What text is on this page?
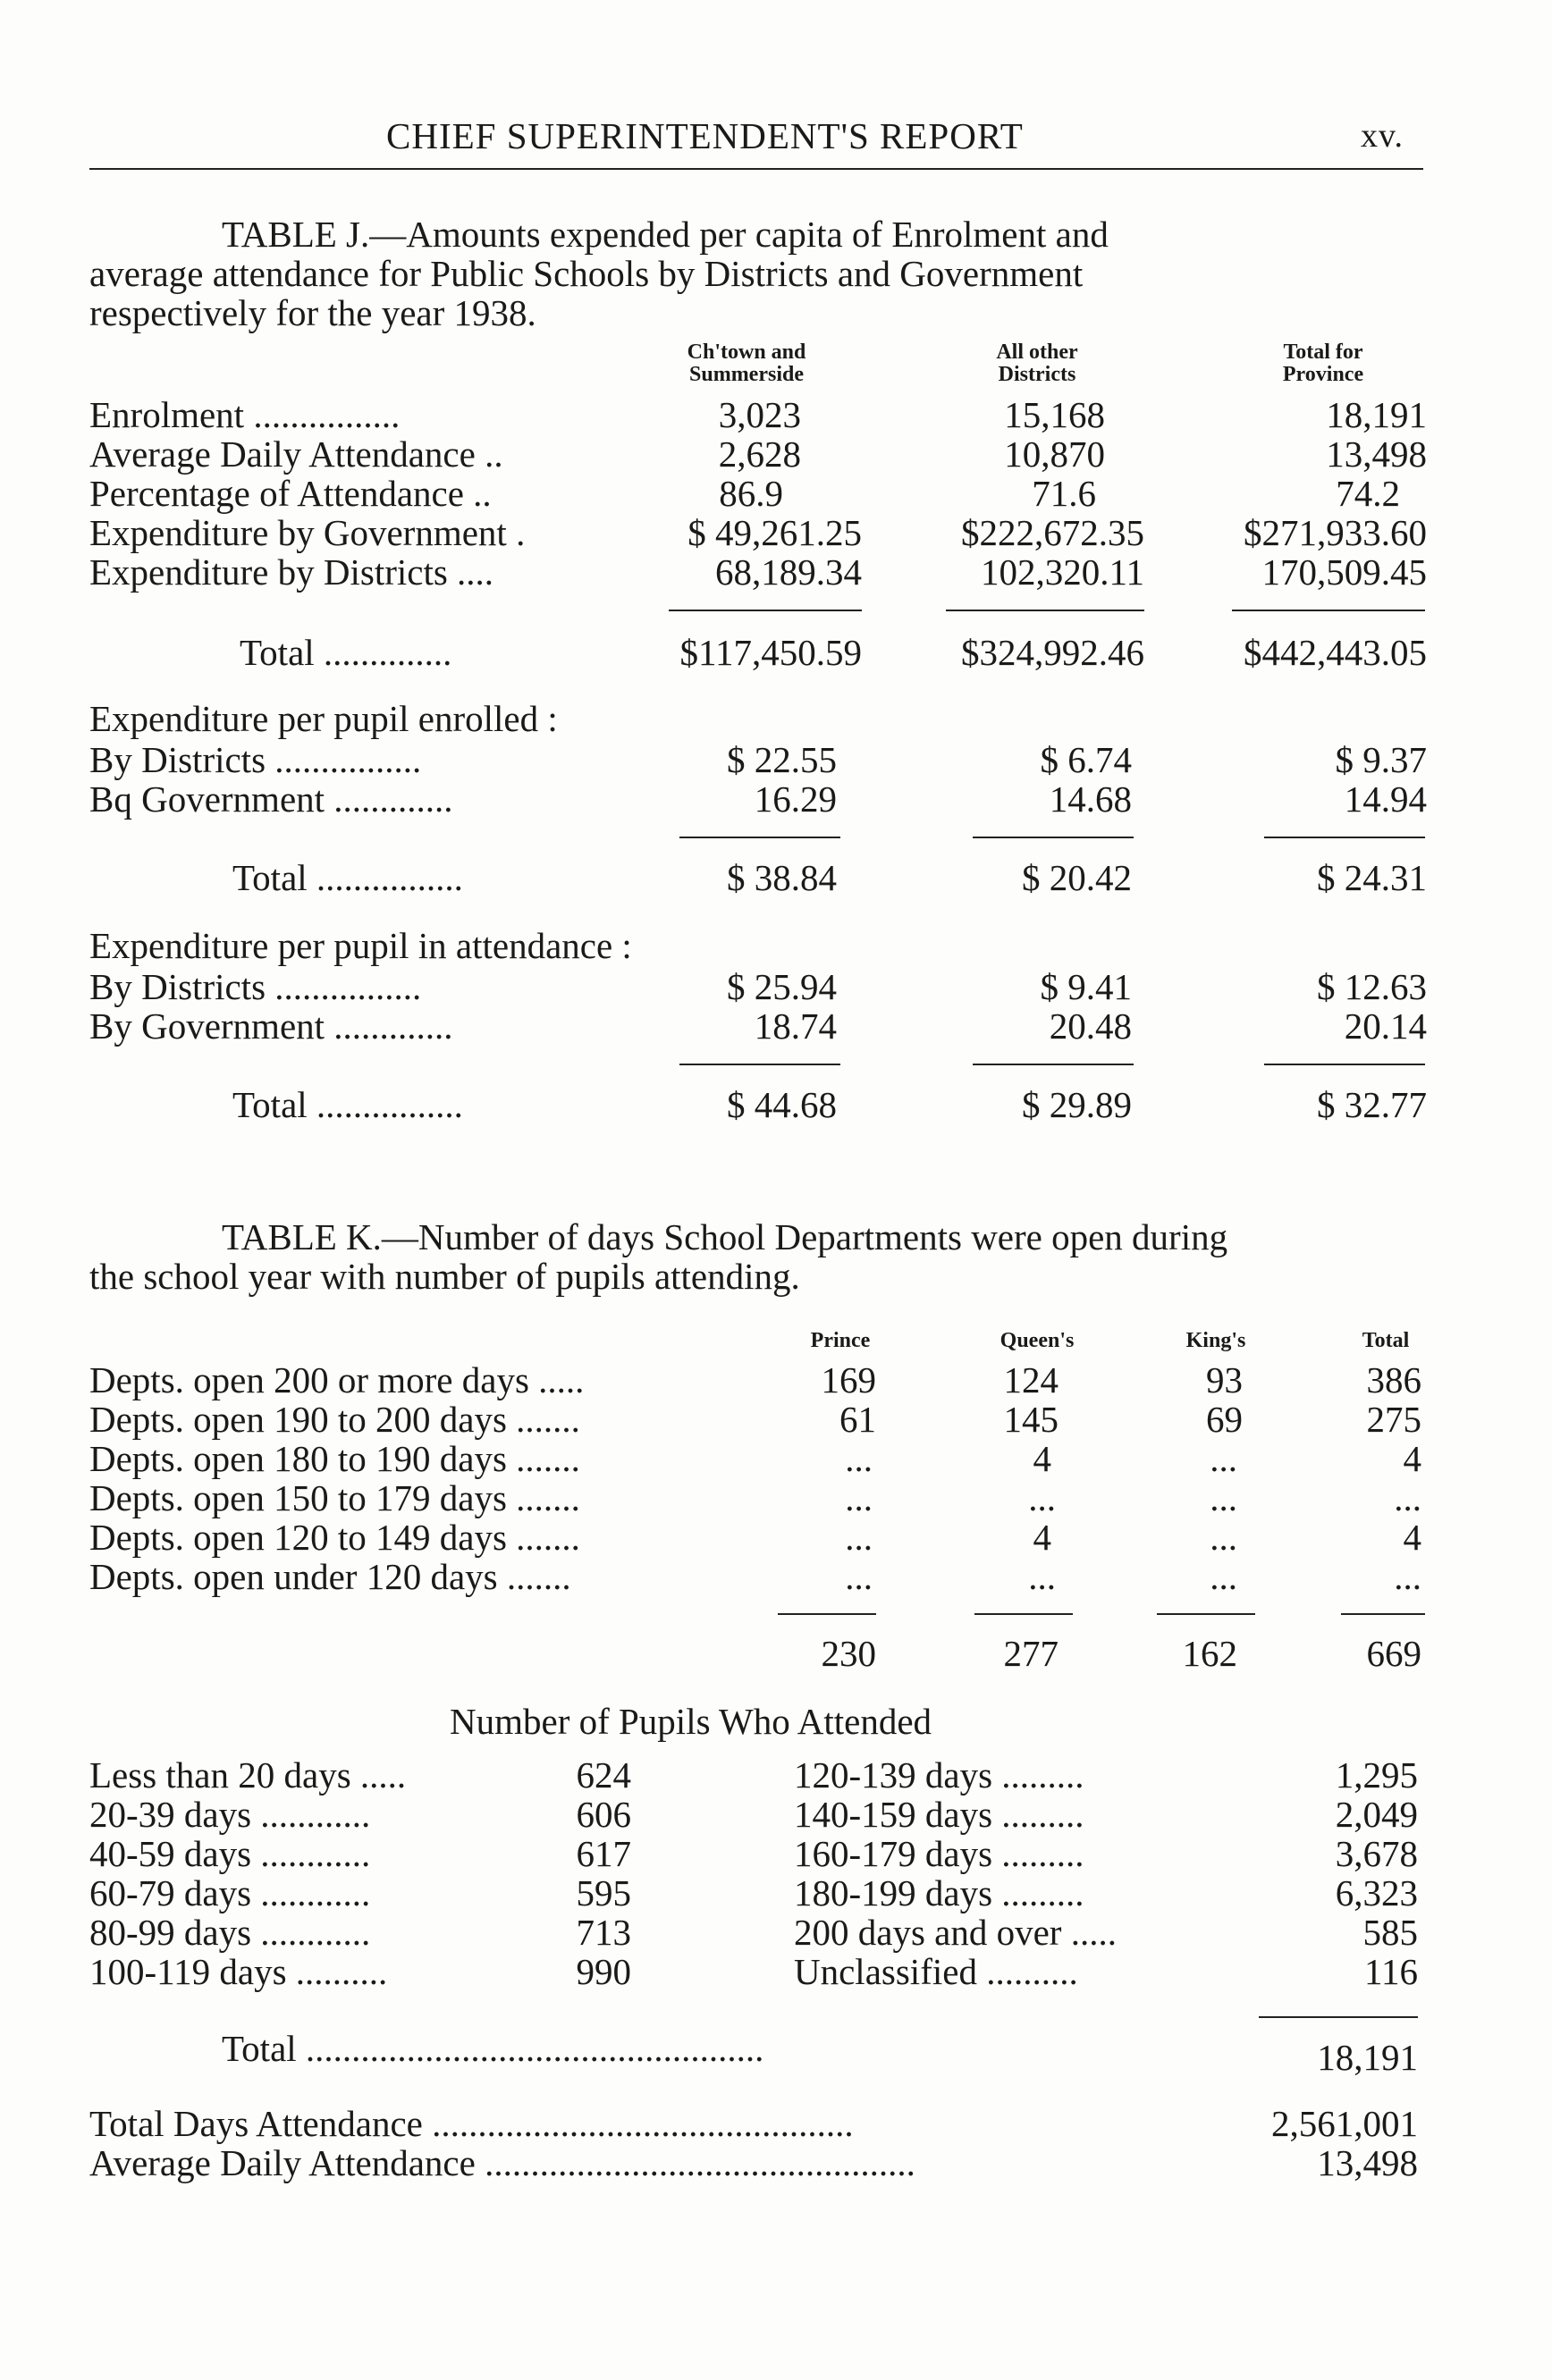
CHIEF SUPERINTENDENT'S REPORT	xv.
TABLE J.—Amounts expended per capita of Enrolment and
average attendance for Public Schools by Districts and Government
respectively for the year 1938.
Ch'town and
Summerside
All other
Districts
Total for
Province
Enrolment ................	3,023	15,168	18,191
Average Daily Attendance ..	2,628	10,870	13,498
Percentage of Attendance ..	86.9	71.6	74.2
Expenditure by Government .	$ 49,261.25	$222,672.35	$271,933.60
Expenditure by Districts ....	68,189.34	102,320.11	170,509.45
Total ..............	$117,450.59	$324,992.46	$442,443.05
Expenditure per pupil enrolled :
By Districts ................	$ 22.55	$ 6.74	$ 9.37
Bq Government .............	16.29	14.68	14.94
Total ................	$ 38.84	$ 20.42	$ 24.31
Expenditure per pupil in attendance :
By Districts ................	$ 25.94	$ 9.41	$ 12.63
By Government .............	18.74	20.48	20.14
Total ................	$ 44.68	$ 29.89	$ 32.77
TABLE K.—Number of days School Departments were open during
the school year with number of pupils attending.
Prince	Queen's	King's	Total
Depts. open 200 or more days .....	169	124	93	386
Depts. open 190 to 200 days .......	61	145	69	275
Depts. open 180 to 190 days .......	...	4	...	4
Depts. open 150 to 179 days .......	...	...	...	...
Depts. open 120 to 149 days .......	...	4	...	4
Depts. open under 120 days .......	...	...	...	...
230	277	162	669
Number of Pupils Who Attended
Less than 20 days .....	624	120-139 days .........	1,295
20-39 days ............	606	140-159 days .........	2,049
40-59 days ............	617	160-179 days .........	3,678
60-79 days ............	595	180-199 days .........	6,323
80-99 days ............	713	200 days and over .....	585
100-119 days ..........	990	Unclassified ..........	116
Total ..................................................	18,191
Total Days Attendance ..............................................	2,561,001
Average Daily Attendance ...............................................	13,498
